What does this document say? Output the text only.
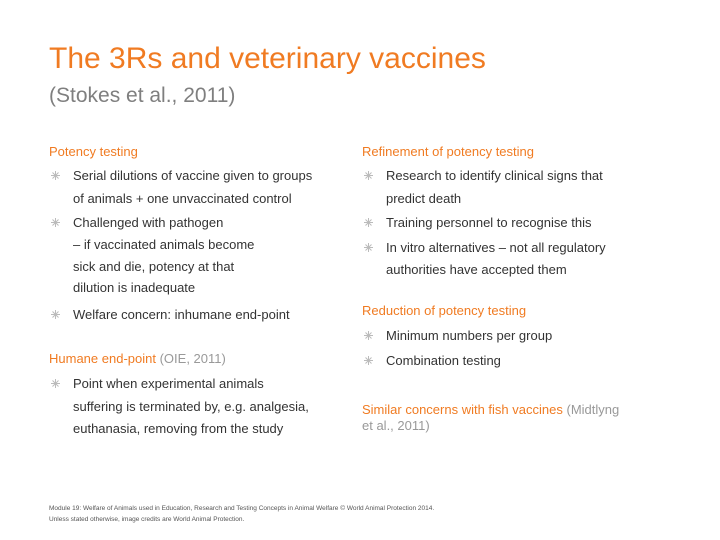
The 3Rs and veterinary vaccines
(Stokes et al., 2011)
Potency testing
Serial dilutions of vaccine given to groups
of animals + one unvaccinated control
Challenged with pathogen
– if vaccinated animals become
sick and die, potency at that
dilution is inadequate
Welfare concern: inhumane end-point
Humane end-point (OIE, 2011)
Point when experimental animals
suffering is terminated by, e.g. analgesia,
euthanasia, removing from the study
Refinement of potency testing
Research to identify clinical signs that
predict death
Training personnel to recognise this
In vitro alternatives – not all regulatory
authorities have accepted them
Reduction of potency testing
Minimum numbers per group
Combination testing
Similar concerns with fish vaccines (Midtlyng
et al., 2011)
Module 19: Welfare of Animals used in Education, Research and Testing Concepts in Animal Welfare © World Animal Protection 2014.
Unless stated otherwise, image credits are World Animal Protection.
